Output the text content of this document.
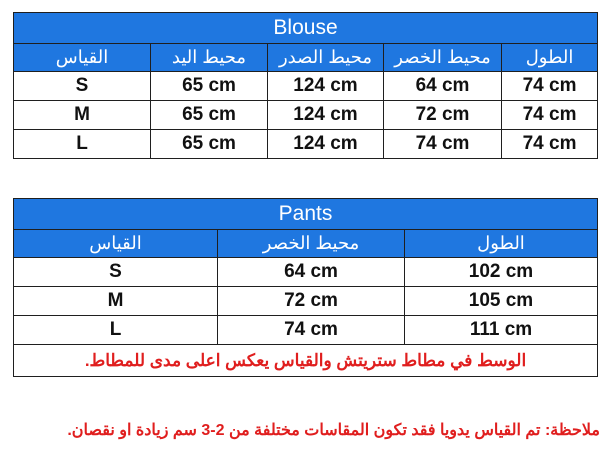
Blouse				
القياس	محيط اليد	محيط الصدر	محيط الخصر	الطول
S	65 cm	124 cm	64 cm	74 cm
M	65 cm	124 cm	72 cm	74 cm
L	65 cm	124 cm	74 cm	74 cm
Pants		
القياس	محيط الخصر	الطول
S	64 cm	102 cm
M	72 cm	105 cm
L	74 cm	111 cm
الوسط في مطاط ستريتش والقياس يعكس اعلى مدى للمطاط.		
ملاحظة: تم القياس يدويا فقد تكون المقاسات مختلفة من 2-3 سم زيادة او نقصان.
